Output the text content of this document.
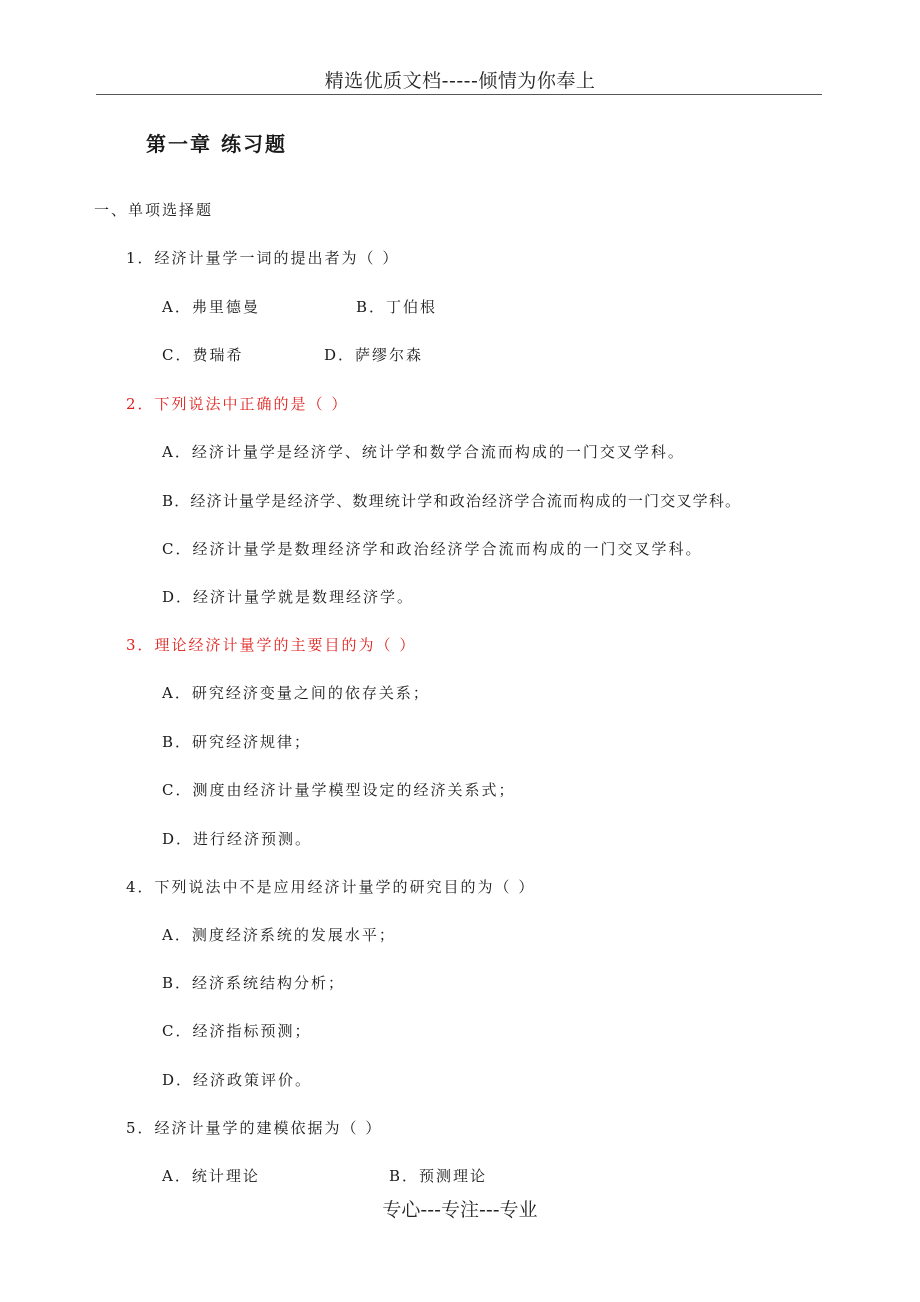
精选优质文档-----倾情为你奉上
第一章 练习题
一、单项选择题
1．经济计量学一词的提出者为（ ）
A．弗里德曼	B．丁伯根
C．费瑞希	D．萨缪尔森
2．下列说法中正确的是（ ）
A．经济计量学是经济学、统计学和数学合流而构成的一门交叉学科。
B．经济计量学是经济学、数理统计学和政治经济学合流而构成的一门交叉学科。
C．经济计量学是数理经济学和政治经济学合流而构成的一门交叉学科。
D．经济计量学就是数理经济学。
3．理论经济计量学的主要目的为（ ）
A．研究经济变量之间的依存关系；
B．研究经济规律；
C．测度由经济计量学模型设定的经济关系式；
D．进行经济预测。
4．下列说法中不是应用经济计量学的研究目的为（ ）
A．测度经济系统的发展水平；
B．经济系统结构分析；
C．经济指标预测；
D．经济政策评价。
5．经济计量学的建模依据为（ ）
A．统计理论	B．预测理论
专心---专注---专业
